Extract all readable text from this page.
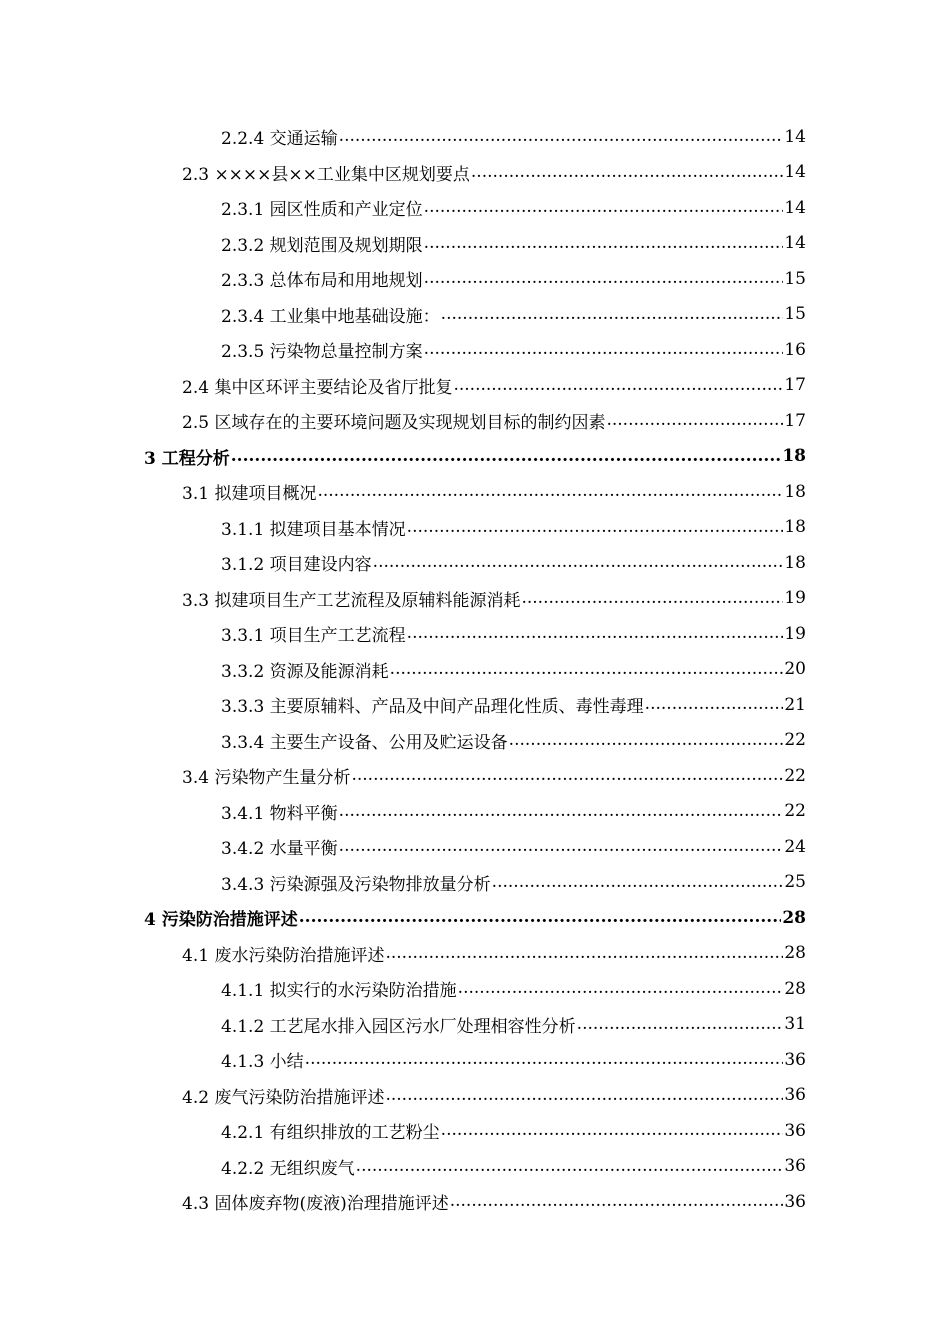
2.2.4 交通运输 .....	14
2.3 ××××县××工业集中区规划要点 .....	14
2.3.1 园区性质和产业定位 .....	14
2.3.2 规划范围及规划期限 .....	14
2.3.3 总体布局和用地规划 .....	15
2.3.4 工业集中地基础设施： .....	15
2.3.5 污染物总量控制方案 .....	16
2.4 集中区环评主要结论及省厅批复 .....	17
2.5 区域存在的主要环境问题及实现规划目标的制约因素 .....	17
3 工程分析 .....	18
3.1 拟建项目概况 .....	18
3.1.1 拟建项目基本情况 .....	18
3.1.2 项目建设内容 .....	18
3.3 拟建项目生产工艺流程及原辅料能源消耗 .....	19
3.3.1 项目生产工艺流程 .....	19
3.3.2 资源及能源消耗 .....	20
3.3.3 主要原辅料、产品及中间产品理化性质、毒性毒理 .....	21
3.3.4 主要生产设备、公用及贮运设备 .....	22
3.4 污染物产生量分析 .....	22
3.4.1 物料平衡 .....	22
3.4.2 水量平衡 .....	24
3.4.3 污染源强及污染物排放量分析 .....	25
4 污染防治措施评述 .....	28
4.1 废水污染防治措施评述 .....	28
4.1.1 拟实行的水污染防治措施 .....	28
4.1.2 工艺尾水排入园区污水厂处理相容性分析 .....	31
4.1.3 小结 .....	36
4.2 废气污染防治措施评述 .....	36
4.2.1 有组织排放的工艺粉尘 .....	36
4.2.2 无组织废气 .....	36
4.3 固体废弃物(废液)治理措施评述 .....	36
